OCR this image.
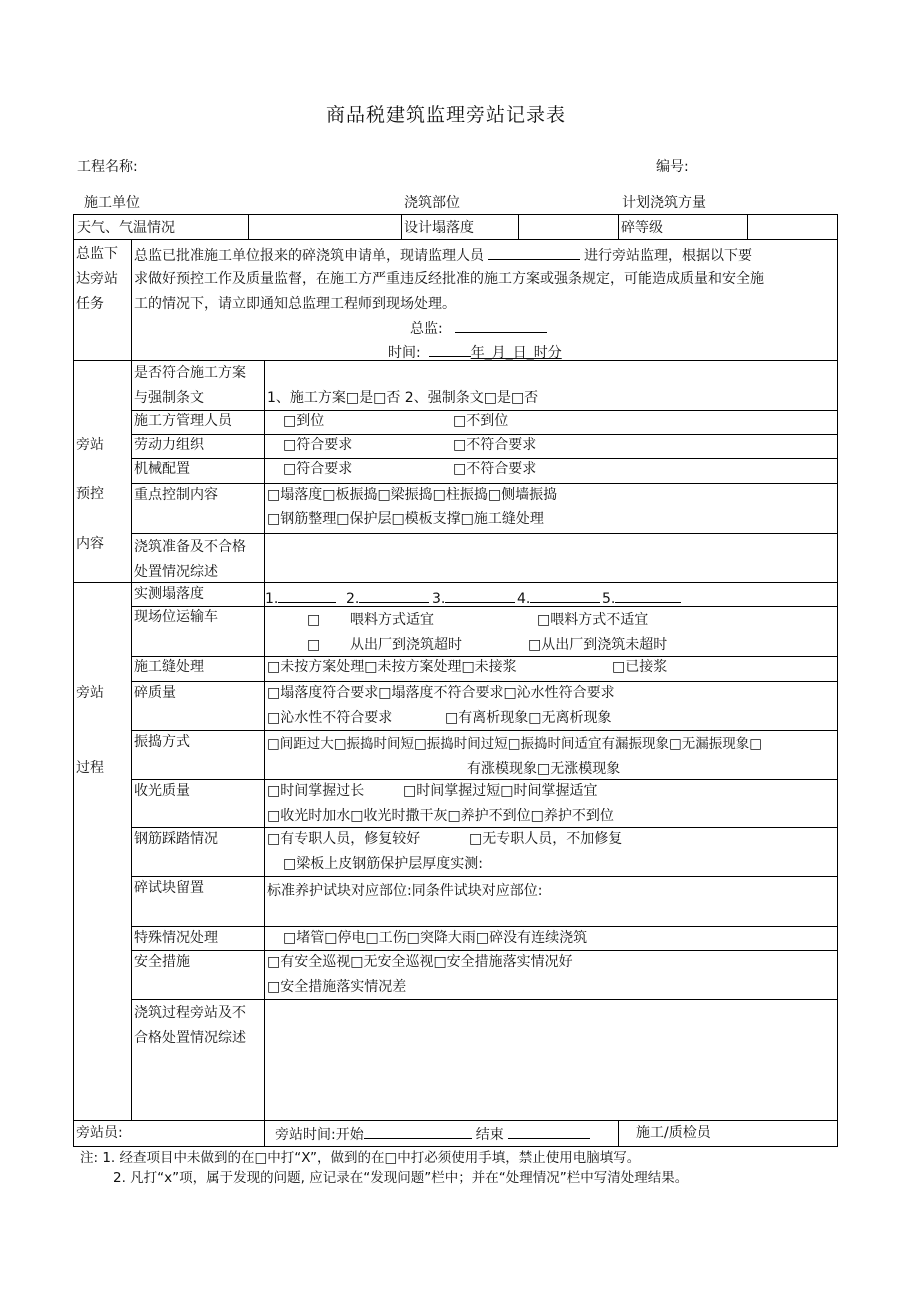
商品税建筑监理旁站记录表
工程名称:	编号:
施工单位	浇筑部位	计划浇筑方量
天气、气温情况	设计塌落度	碎等级
总监下
达旁站
任务
总监已批准施工单位报来的碎浇筑申请单，现请监理人员	进行旁站监理，根据以下要
求做好预控工作及质量监督，在施工方严重违反经批准的施工方案或强条规定，可能造成质量和安全施
工的情况下，请立即通知总监理工程师到现场处理。
总监:
时间:	年_月_日_时分
旁站
预控
内容
是否符合施工方案
与强制条文	1、施工方案□是□否 2、强制条文□是□否
施工方管理人员	□到位	□不到位
劳动力组织	□符合要求	□不符合要求
机械配置	□符合要求	□不符合要求
重点控制内容	□塌落度□板振捣□梁振捣□柱振捣□侧墙振捣
□钢筋整理□保护层□模板支撑□施工缝处理
浇筑准备及不合格
处置情况综述
旁站
过程
实测塌落度	1.	2.	3.	4.	5.
现场位运输车	□ 喂料方式适宜	□喂料方式不适宜
□ 从出厂到浇筑超时	□从出厂到浇筑未超时
施工缝处理	□未按方案处理□未按方案处理□未接浆	□已接浆
碎质量	□塌落度符合要求□塌落度不符合要求□沁水性符合要求
□沁水性不符合要求	□有离析现象□无离析现象
振捣方式	□间距过大□振捣时间短□振捣时间过短□振捣时间适宜有漏振现象□无漏振现象□
有涨模现象□无涨模现象
收光质量	□时间掌握过长	□时间掌握过短□时间掌握适宜
□收光时加水□收光时撒干灰□养护不到位□养护不到位
钢筋踩踏情况	□有专职人员，修复较好	□无专职人员，不加修复
□梁板上皮钢筋保护层厚度实测:
碎试块留置	标准养护试块对应部位:同条件试块对应部位:
特殊情况处理	□堵管□停电□工伤□突降大雨□碎没有连续浇筑
安全措施	□有安全巡视□无安全巡视□安全措施落实情况好
□安全措施落实情况差
浇筑过程旁站及不
合格处置情况综述
旁站员:	旁站时间:开始	结束	施工/质检员
注: 1. 经查项目中未做到的在□中打“X”，做到的在□中打必须使用手填，禁止使用电脑填写。
2. 凡打“x”项，属于发现的问题, 应记录在“发现问题”栏中；并在“处理情况”栏中写清处理结果。
